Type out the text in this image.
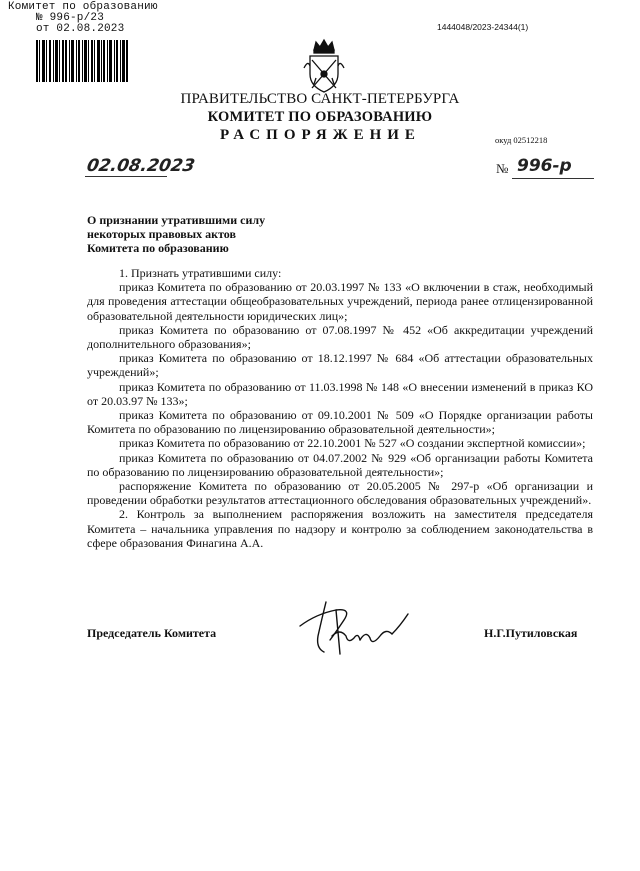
Комитет по образованию
№ 996-р/23
от 02.08.2023	1444048/2023-24344(1)
ПРАВИТЕЛЬСТВО САНКТ-ПЕТЕРБУРГА
КОМИТЕТ ПО ОБРАЗОВАНИЮ
РАСПОРЯЖЕНИЕ	окуд 02512218
02.08.2023	№ 996-р
О признании утратившими силу
некоторых правовых актов
Комитета по образованию

1. Признать утратившими силу:

приказ Комитета по образованию от 20.03.1997 № 133 «О включении в стаж, необходимый для проведения аттестации общеобразовательных учреждений, периода ранее отлицензированной образовательной деятельности юридических лиц»;

приказ Комитета по образованию от 07.08.1997 № 452 «Об аккредитации учреждений дополнительного образования»;

приказ Комитета по образованию от 18.12.1997 № 684 «Об аттестации образовательных учреждений»;

приказ Комитета по образованию от 11.03.1998 № 148 «О внесении изменений в приказ КО от 20.03.97 № 133»;

приказ Комитета по образованию от 09.10.2001 № 509 «О Порядке организации работы Комитета по образованию по лицензированию образовательной деятельности»;

приказ Комитета по образованию от 22.10.2001 № 527 «О создании экспертной комиссии»;

приказ Комитета по образованию от 04.07.2002 № 929 «Об организации работы Комитета по образованию по лицензированию образовательной деятельности»;

распоряжение Комитета по образованию от 20.05.2005 № 297-р «Об организации и проведении обработки результатов аттестационного обследования образовательных учреждений».

2. Контроль за выполнением распоряжения возложить на заместителя председателя Комитета – начальника управления по надзору и контролю за соблюдением законодательства в сфере образования Финагина А.А.

Председатель Комитета	Н.Г.Путиловская
